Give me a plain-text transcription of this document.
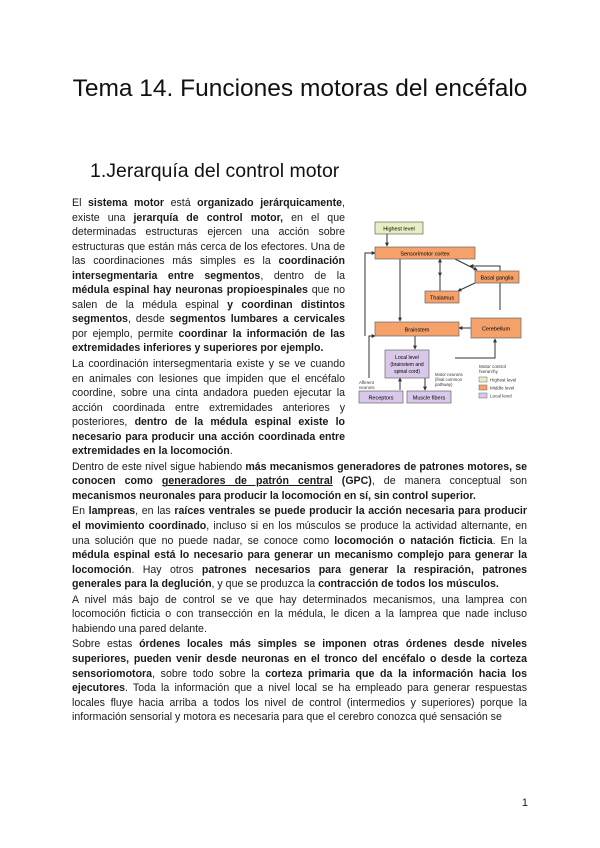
Tema 14. Funciones motoras del encéfalo
1.Jerarquía del control motor
Highest level
Sensorimotor cortex
Basal ganglia
Thalamus
Brainstem	Cerebellum
Local level
(brainstem and
spinal cord)
Afferent
neurons
Motor neurons
(final common
pathway)
Receptors	Muscle fibers
Motor control
hierarchy
Highest level
Middle level
Local level

El sistema motor está organizado jerárquicamente, existe una jerarquía de control motor, en el que determinadas estructuras ejercen una acción sobre estructuras que están más cerca de los efectores. Una de las coordinaciones más simples es la coordinación intersegmentaria entre segmentos, dentro de la médula espinal hay neuronas propioespinales que no salen de la médula espinal y coordinan distintos segmentos, desde segmentos lumbares a cervicales por ejemplo, permite coordinar la información de las extremidades inferiores y superiores por ejemplo.

La coordinación intersegmentaria existe y se ve cuando en animales con lesiones que impiden que el encéfalo coordine, sobre una cinta andadora pueden ejecutar la acción coordinada entre extremidades anteriores y posteriores, dentro de la médula espinal existe lo necesario para producir una acción coordinada entre extremidades en la locomoción.

Dentro de este nivel sigue habiendo más mecanismos generadores de patrones motores, se conocen como generadores de patrón central (GPC), de manera conceptual son mecanismos neuronales para producir la locomoción en sí, sin control superior.

En lampreas, en las raíces ventrales se puede producir la acción necesaria para producir el movimiento coordinado, incluso si en los músculos se produce la actividad alternante, en una solución que no puede nadar, se conoce como locomoción o natación ficticia. En la médula espinal está lo necesario para generar un mecanismo complejo para generar la locomoción. Hay otros patrones necesarios para generar la respiración, patrones generales para la deglución, y que se produzca la contracción de todos los músculos.

A nivel más bajo de control se ve que hay determinados mecanismos, una lamprea con locomoción ficticia o con transección en la médula, le dicen a la lamprea que nade incluso habiendo una pared delante.

Sobre estas órdenes locales más simples se imponen otras órdenes desde niveles superiores, pueden venir desde neuronas en el tronco del encéfalo o desde la corteza sensoriomotora, sobre todo sobre la corteza primaria que da la información hacia los ejecutores. Toda la información que a nivel local se ha empleado para generar respuestas locales fluye hacia arriba a todos los nivel de control (intermedios y superiores) porque la información sensorial y motora es necesaria para que el cerebro conozca qué sensación se

1
